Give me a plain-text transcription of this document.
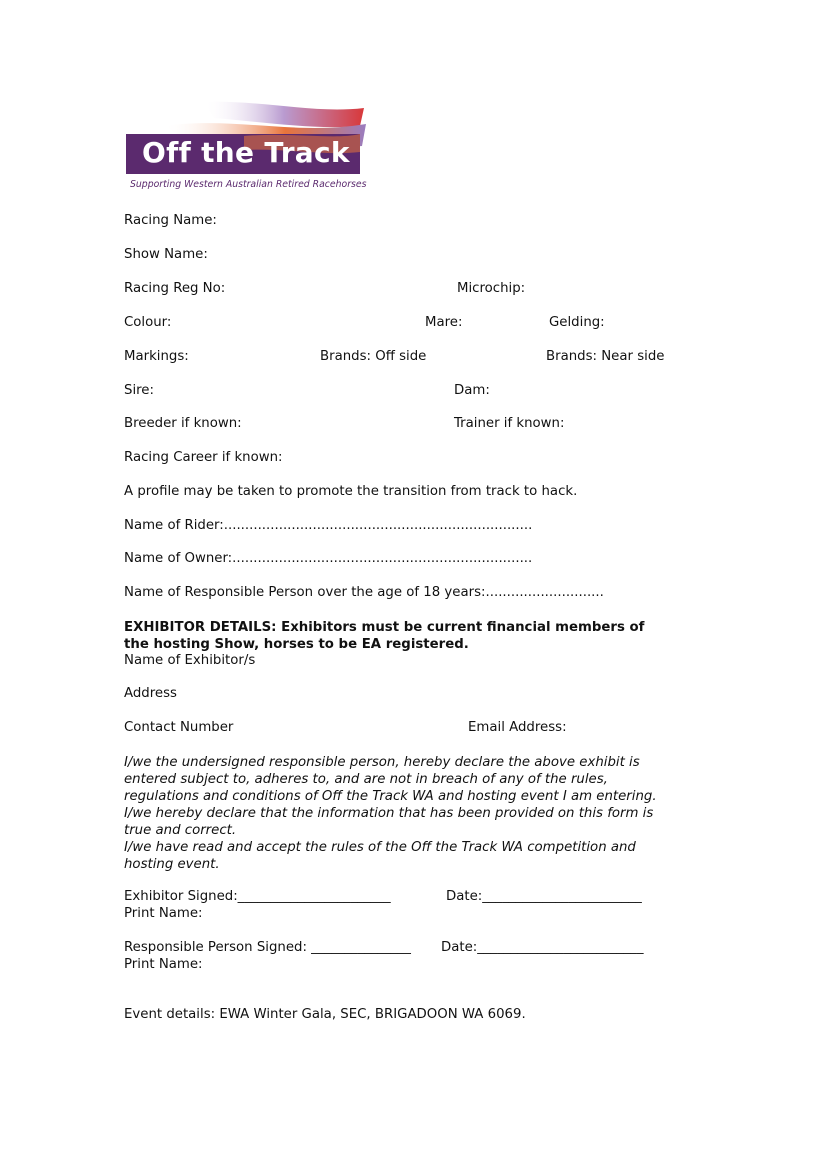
Off the Track
Supporting Western Australian Retired Racehorses
Racing Name:
Show Name:
Racing Reg No:	Microchip:
Colour:	Mare:	Gelding:
Markings:	Brands: Off side	Brands: Near side
Sire:	Dam:
Breeder if known:	Trainer if known:
Racing Career if known:
A profile may be taken to promote the transition from track to hack.
Name of Rider:.........................................................................
Name of Owner:.......................................................................
Name of Responsible Person over the age of 18 years:............................
EXHIBITOR DETAILS: Exhibitors must be current financial members of
the hosting Show, horses to be EA registered.
Name of Exhibitor/s
Address
Contact Number	Email Address:
I/we the undersigned responsible person, hereby declare the above exhibit is
entered subject to, adheres to, and are not in breach of any of the rules,
regulations and conditions of Off the Track WA and hosting event I am entering.
I/we hereby declare that the information that has been provided on this form is
true and correct.
I/we have read and accept the rules of the Off the Track WA competition and
hosting event.
Exhibitor Signed:_______________________	Date:________________________
Print Name:
Responsible Person Signed: _______________ Date:_________________________
Print Name:
Event details: EWA Winter Gala, SEC, BRIGADOON WA 6069.
